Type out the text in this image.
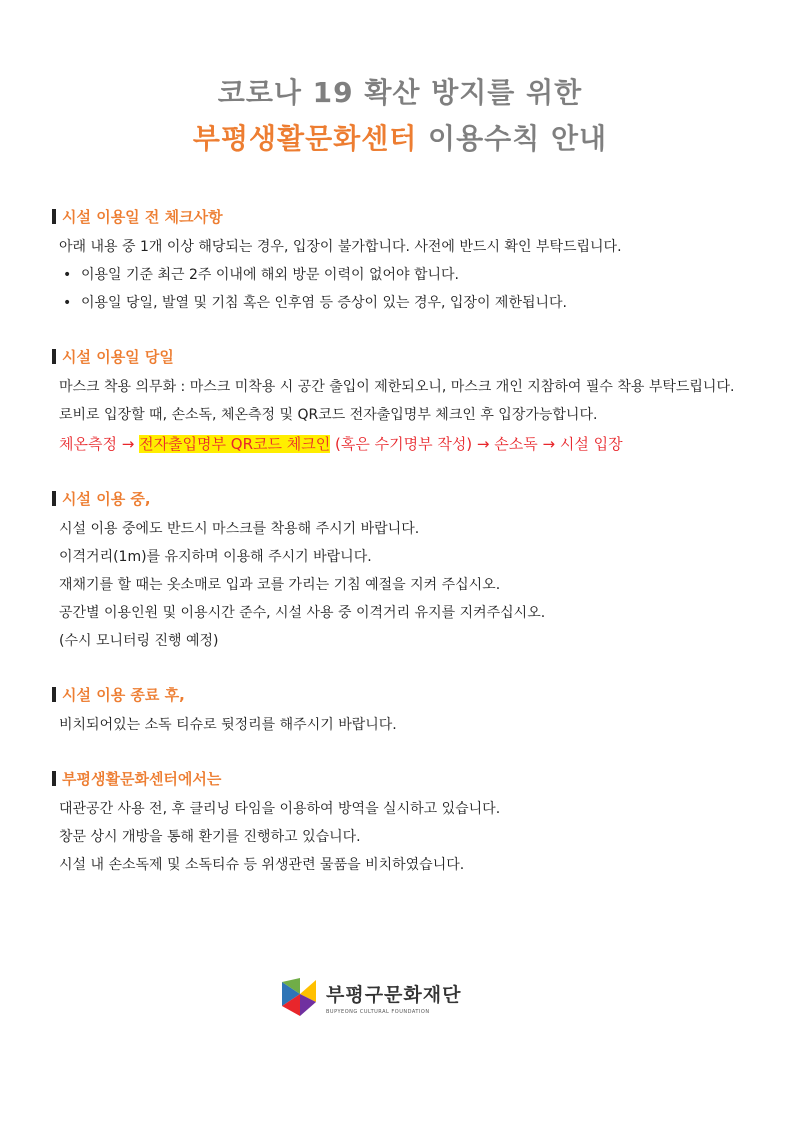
코로나 19 확산 방지를 위한
부평생활문화센터 이용수칙 안내
시설 이용일 전 체크사항
아래 내용 중 1개 이상 해당되는 경우, 입장이 불가합니다. 사전에 반드시 확인 부탁드립니다.
• 이용일 기준 최근 2주 이내에 해외 방문 이력이 없어야 합니다.
• 이용일 당일, 발열 및 기침 혹은 인후염 등 증상이 있는 경우, 입장이 제한됩니다.
시설 이용일 당일
마스크 착용 의무화 : 마스크 미착용 시 공간 출입이 제한되오니, 마스크 개인 지참하여 필수 착용 부탁드립니다.
로비로 입장할 때, 손소독, 체온측정 및 QR코드 전자출입명부 체크인 후 입장가능합니다.
체온측정 → 전자출입명부 QR코드 체크인 (혹은 수기명부 작성) → 손소독 → 시설 입장
시설 이용 중,
시설 이용 중에도 반드시 마스크를 착용해 주시기 바랍니다.
이격거리(1m)를 유지하며 이용해 주시기 바랍니다.
재채기를 할 때는 옷소매로 입과 코를 가리는 기침 예절을 지켜 주십시오.
공간별 이용인원 및 이용시간 준수, 시설 사용 중 이격거리 유지를 지켜주십시오.
(수시 모니터링 진행 예정)
시설 이용 종료 후,
비치되어있는 소독 티슈로 뒷정리를 해주시기 바랍니다.
부평생활문화센터에서는
대관공간 사용 전, 후 클리닝 타임을 이용하여 방역을 실시하고 있습니다.
창문 상시 개방을 통해 환기를 진행하고 있습니다.
시설 내 손소독제 및 소독티슈 등 위생관련 물품을 비치하였습니다.
부평구문화재단
BUPYEONG CULTURAL FOUNDATION
